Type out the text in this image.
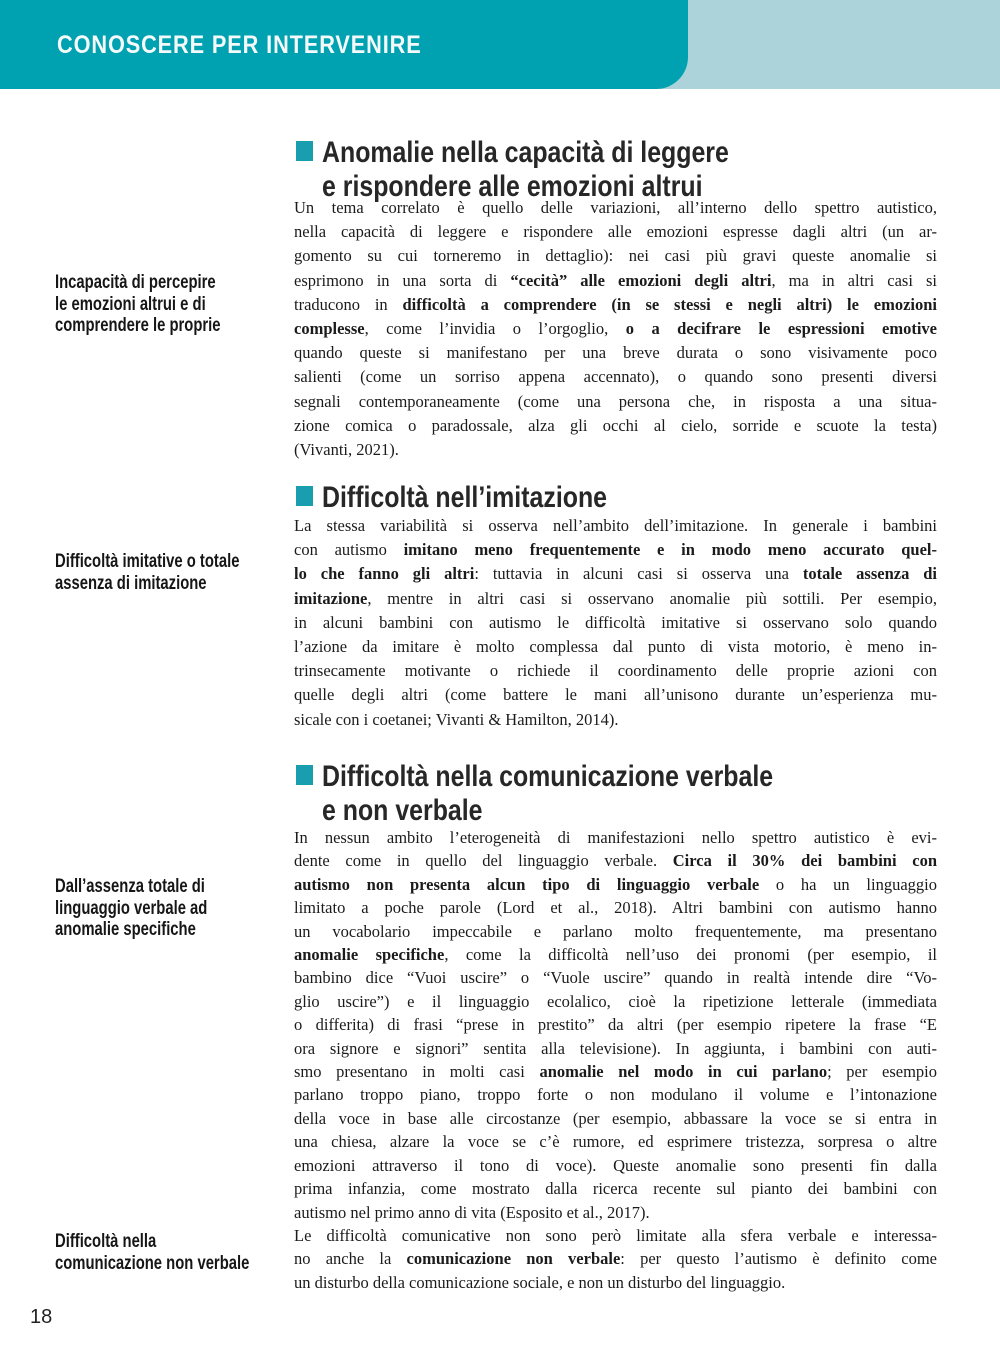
CONOSCERE PER INTERVENIRE
Incapacità di percepire
le emozioni altrui e di
comprendere le proprie
Difficoltà imitative o totale
assenza di imitazione
Dall’assenza totale di
linguaggio verbale ad
anomalie specifiche
Difficoltà nella
comunicazione non verbale
Anomalie nella capacità di leggere
e rispondere alle emozioni altrui
Un tema correlato è quello delle variazioni, all’interno dello spettro autistico,
nella capacità di leggere e rispondere alle emozioni espresse dagli altri (un ar-
gomento su cui torneremo in dettaglio): nei casi più gravi queste anomalie si
esprimono in una sorta di “cecità” alle emozioni degli altri, ma in altri casi si
traducono in difficoltà a comprendere (in se stessi e negli altri) le emozioni
complesse, come l’invidia o l’orgoglio, o a decifrare le espressioni emotive
quando queste si manifestano per una breve durata o sono visivamente poco
salienti (come un sorriso appena accennato), o quando sono presenti diversi
segnali contemporaneamente (come una persona che, in risposta a una situa-
zione comica o paradossale, alza gli occhi al cielo, sorride e scuote la testa)
(Vivanti, 2021).
Difficoltà nell’imitazione
La stessa variabilità si osserva nell’ambito dell’imitazione. In generale i bambini
con autismo imitano meno frequentemente e in modo meno accurato quel-
lo che fanno gli altri: tuttavia in alcuni casi si osserva una totale assenza di
imitazione, mentre in altri casi si osservano anomalie più sottili. Per esempio,
in alcuni bambini con autismo le difficoltà imitative si osservano solo quando
l’azione da imitare è molto complessa dal punto di vista motorio, è meno in-
trinsecamente motivante o richiede il coordinamento delle proprie azioni con
quelle degli altri (come battere le mani all’unisono durante un’esperienza mu-
sicale con i coetanei; Vivanti & Hamilton, 2014).
Difficoltà nella comunicazione verbale
e non verbale
In nessun ambito l’eterogeneità di manifestazioni nello spettro autistico è evi-
dente come in quello del linguaggio verbale. Circa il 30% dei bambini con
autismo non presenta alcun tipo di linguaggio verbale o ha un linguaggio
limitato a poche parole (Lord et al., 2018). Altri bambini con autismo hanno
un vocabolario impeccabile e parlano molto frequentemente, ma presentano
anomalie specifiche, come la difficoltà nell’uso dei pronomi (per esempio, il
bambino dice “Vuoi uscire” o “Vuole uscire” quando in realtà intende dire “Vo-
glio uscire”) e il linguaggio ecolalico, cioè la ripetizione letterale (immediata
o differita) di frasi “prese in prestito” da altri (per esempio ripetere la frase “E
ora signore e signori” sentita alla televisione). In aggiunta, i bambini con auti-
smo presentano in molti casi anomalie nel modo in cui parlano; per esempio
parlano troppo piano, troppo forte o non modulano il volume e l’intonazione
della voce in base alle circostanze (per esempio, abbassare la voce se si entra in
una chiesa, alzare la voce se c’è rumore, ed esprimere tristezza, sorpresa o altre
emozioni attraverso il tono di voce). Queste anomalie sono presenti fin dalla
prima infanzia, come mostrato dalla ricerca recente sul pianto dei bambini con
autismo nel primo anno di vita (Esposito et al., 2017).
Le difficoltà comunicative non sono però limitate alla sfera verbale e interessa-
no anche la comunicazione non verbale: per questo l’autismo è definito come
un disturbo della comunicazione sociale, e non un disturbo del linguaggio.
18
